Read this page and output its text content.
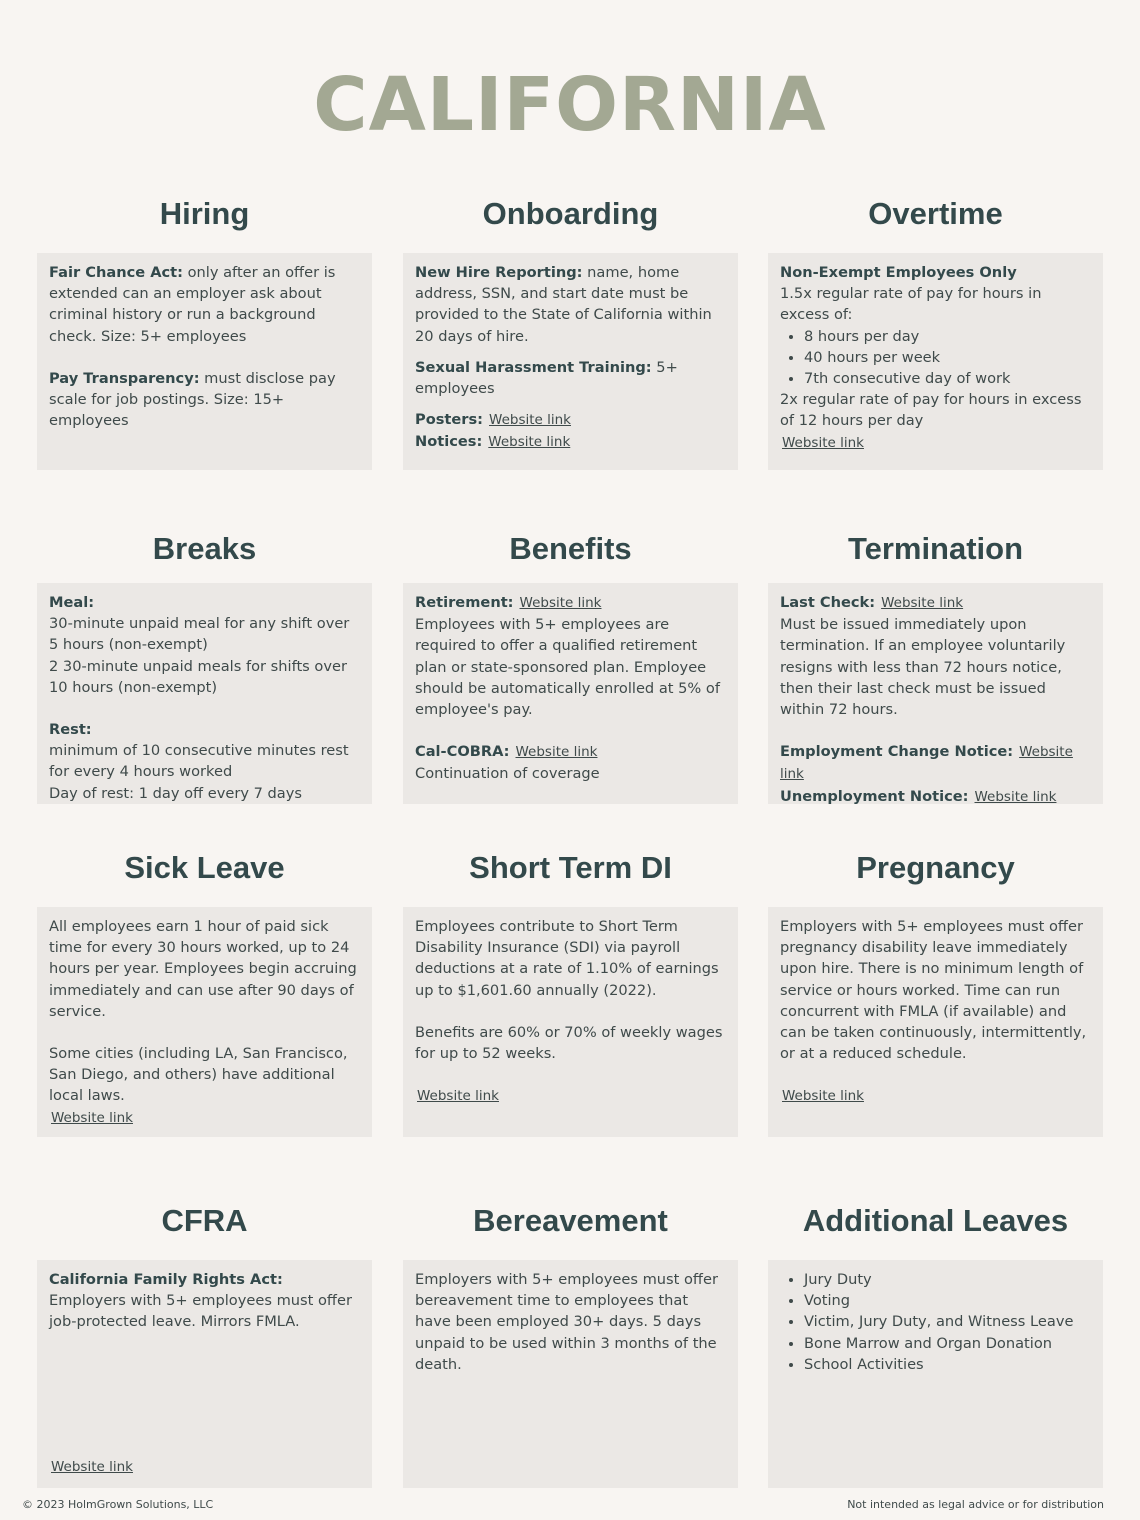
CALIFORNIA
Hiring

Fair Chance Act: only after an offer is extended can an employer ask about criminal history or run a background check. Size: 5+ employees

Pay Transparency: must disclose pay scale for job postings. Size: 15+ employees

Onboarding

New Hire Reporting: name, home address, SSN, and start date must be provided to the State of California within 20 days of hire.

Sexual Harassment Training: 5+ employees

Posters: Website link

Notices: Website link

Overtime

Non-Exempt Employees Only

1.5x regular rate of pay for hours in excess of:

• 8 hours per day
• 40 hours per week
• 7th consecutive day of work

2x regular rate of pay for hours in excess of 12 hours per day

Website link

Breaks

Meal:

30-minute unpaid meal for any shift over 5 hours (non-exempt)

2 30-minute unpaid meals for shifts over 10 hours (non-exempt)

Rest:

minimum of 10 consecutive minutes rest for every 4 hours worked

Day of rest: 1 day off every 7 days

Benefits

Retirement: Website link

Employees with 5+ employees are required to offer a qualified retirement plan or state-sponsored plan. Employee should be automatically enrolled at 5% of employee's pay.

Cal-COBRA: Website link

Continuation of coverage

Termination

Last Check: Website link

Must be issued immediately upon termination. If an employee voluntarily resigns with less than 72 hours notice, then their last check must be issued within 72 hours.

Employment Change Notice: Website link

Unemployment Notice: Website link

Sick Leave

All employees earn 1 hour of paid sick time for every 30 hours worked, up to 24 hours per year. Employees begin accruing immediately and can use after 90 days of service.

Some cities (including LA, San Francisco, San Diego, and others) have additional local laws.

Website link

Short Term DI

Employees contribute to Short Term Disability Insurance (SDI) via payroll deductions at a rate of 1.10% of earnings up to $1,601.60 annually (2022).

Benefits are 60% or 70% of weekly wages for up to 52 weeks.

Website link

Pregnancy

Employers with 5+ employees must offer pregnancy disability leave immediately upon hire. There is no minimum length of service or hours worked. Time can run concurrent with FMLA (if available) and can be taken continuously, intermittently, or at a reduced schedule.

Website link

CFRA

California Family Rights Act:

Employers with 5+ employees must offer job-protected leave. Mirrors FMLA.

Website link

Bereavement

Employers with 5+ employees must offer bereavement time to employees that have been employed 30+ days. 5 days unpaid to be used within 3 months of the death.

Additional Leaves
• Jury Duty
• Voting
• Victim, Jury Duty, and Witness Leave
• Bone Marrow and Organ Donation
• School Activities
© 2023 HolmGrown Solutions, LLC	Not intended as legal advice or for distribution
